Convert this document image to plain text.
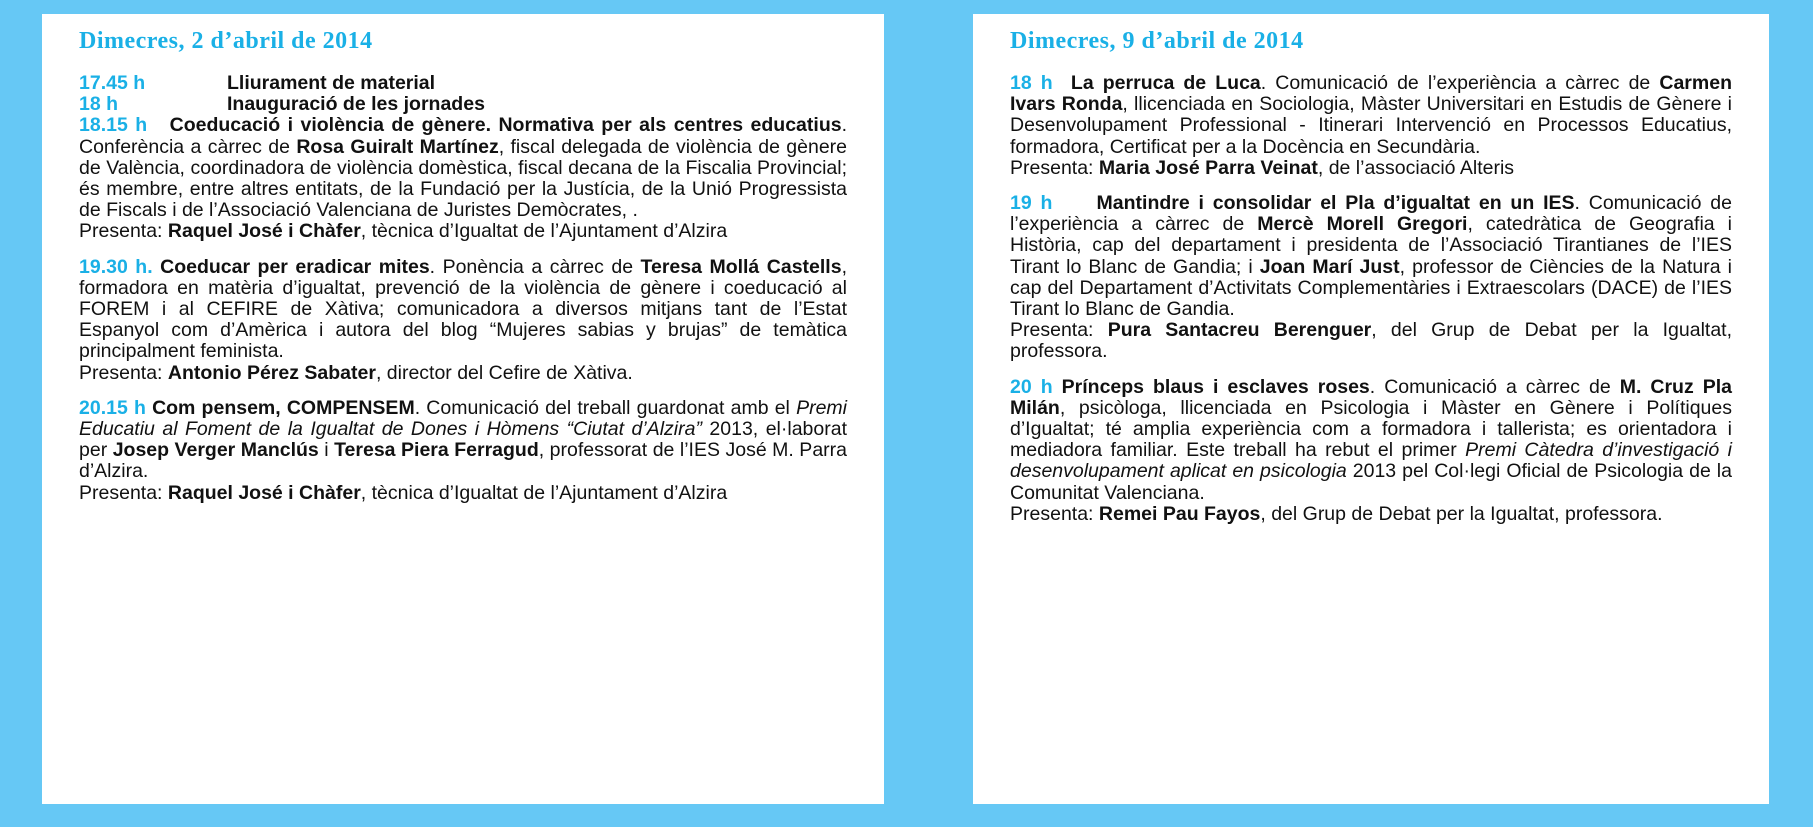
Dimecres, 2 d’abril de 2014
17.45 h	Lliurament de material
18 h	Inauguració de les jornades

18.15 h Coeducació i violència de gènere. Normativa per als centres educatius. Conferència a càrrec de Rosa Guiralt Martínez, fiscal delegada de violència de gènere de València, coordinadora de violència domèstica, fiscal decana de la Fiscalia Provincial; és membre, entre altres entitats, de la Fundació per la Justícia, de la Unió Progressista de Fiscals i de l’Associació Valenciana de Juristes Demòcrates, .

Presenta: Raquel José i Chàfer, tècnica d’Igualtat de l’Ajuntament d’Alzira

19.30 h. Coeducar per eradicar mites. Ponència a càrrec de Teresa Mollá Castells, formadora en matèria d’igualtat, prevenció de la violència de gènere i coeducació al FOREM i al CEFIRE de Xàtiva; comunicadora a diversos mitjans tant de l’Estat Espanyol com d’Amèrica i autora del blog “Mujeres sabias y brujas” de temàtica principalment feminista.

Presenta: Antonio Pérez Sabater, director del Cefire de Xàtiva.

20.15 h Com pensem, COMPENSEM. Comunicació del treball guardonat amb el Premi Educatiu al Foment de la Igualtat de Dones i Hòmens “Ciutat d’Alzira” 2013, el·laborat per Josep Verger Manclús i Teresa Piera Ferragud, professorat de l’IES José M. Parra d’Alzira.

Presenta: Raquel José i Chàfer, tècnica d’Igualtat de l’Ajuntament d’Alzira

Dimecres, 9 d’abril de 2014

18 h La perruca de Luca. Comunicació de l’experiència a càrrec de Carmen Ivars Ronda, llicenciada en Sociologia, Màster Universitari en Estudis de Gènere i Desenvolupament Professional - Itinerari Intervenció en Processos Educatius, formadora, Certificat per a la Docència en Secundària.

Presenta: Maria José Parra Veinat, de l’associació Alteris

19 h Mantindre i consolidar el Pla d’igualtat en un IES. Comunicació de l’experiència a càrrec de Mercè Morell Gregori, catedràtica de Geografia i Història, cap del departament i presidenta de l’Associació Tirantianes de l’IES Tirant lo Blanc de Gandia; i Joan Marí Just, professor de Ciències de la Natura i cap del Departament d’Activitats Complementàries i Extraescolars (DACE) de l’IES Tirant lo Blanc de Gandia.

Presenta: Pura Santacreu Berenguer, del Grup de Debat per la Igualtat, professora.

20 h Prínceps blaus i esclaves roses. Comunicació a càrrec de M. Cruz Pla Milán, psicòloga, llicenciada en Psicologia i Màster en Gènere i Polítiques d’Igualtat; té amplia experiència com a formadora i tallerista; es orientadora i mediadora familiar. Este treball ha rebut el primer Premi Càtedra d’investigació i desenvolupament aplicat en psicologia 2013 pel Col·legi Oficial de Psicologia de la Comunitat Valenciana.

Presenta: Remei Pau Fayos, del Grup de Debat per la Igualtat, professora.
